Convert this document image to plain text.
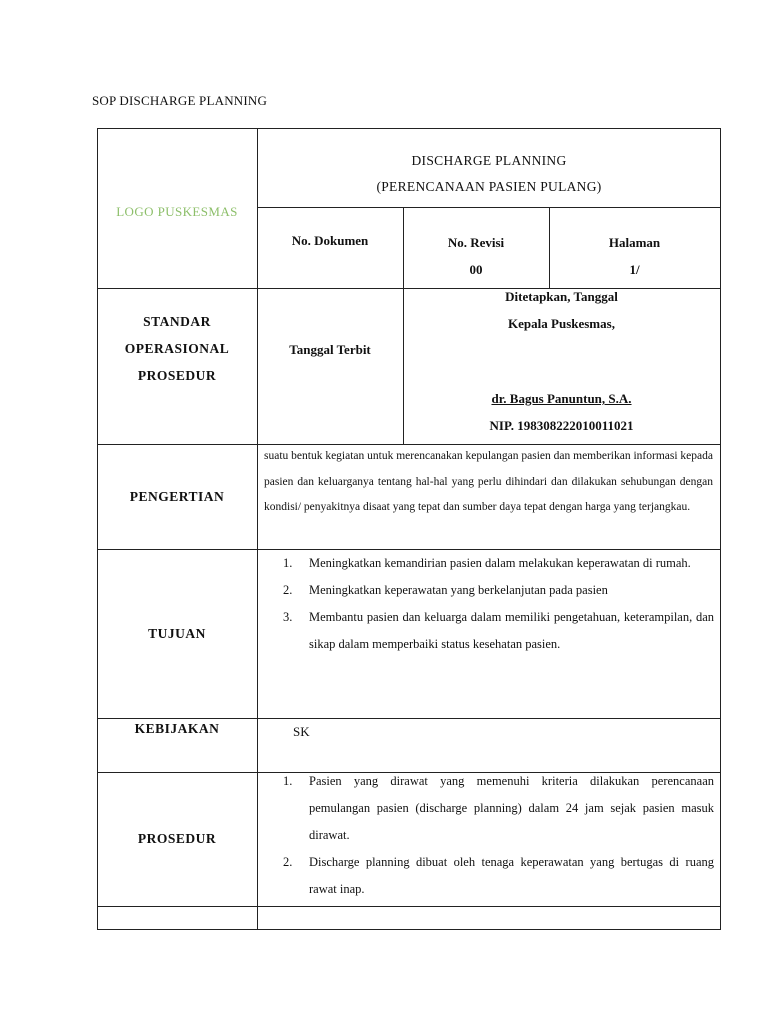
SOP DISCHARGE PLANNING
LOGO PUSKESMAS
DISCHARGE PLANNING
(PERENCANAAN PASIEN PULANG)
No. Dokumen	No. Revisi
00
Halaman
1/
STANDAR
OPERASIONAL
PROSEDUR
Tanggal Terbit
Ditetapkan, Tanggal
Kepala Puskesmas,
dr. Bagus Panuntun, S.A.
NIP. 198308222010011021
PENGERTIAN
suatu bentuk kegiatan untuk merencanakan kepulangan pasien dan memberikan informasi kepada pasien dan keluarganya tentang hal-hal yang perlu dihindari dan dilakukan sehubungan dengan kondisi/ penyakitnya disaat yang tepat dan sumber daya tepat dengan harga yang terjangkau.
TUJUAN
1. Meningkatkan kemandirian pasien dalam melakukan keperawatan di rumah.
2. Meningkatkan keperawatan yang berkelanjutan pada pasien
3. Membantu pasien dan keluarga dalam memiliki pengetahuan, keterampilan, dan sikap dalam memperbaiki status kesehatan pasien.
KEBIJAKAN	SK
PROSEDUR
1. Pasien yang dirawat yang memenuhi kriteria dilakukan perencanaan pemulangan pasien (discharge planning) dalam 24 jam sejak pasien masuk dirawat.
2. Discharge planning dibuat oleh tenaga keperawatan yang bertugas di ruang rawat inap.
